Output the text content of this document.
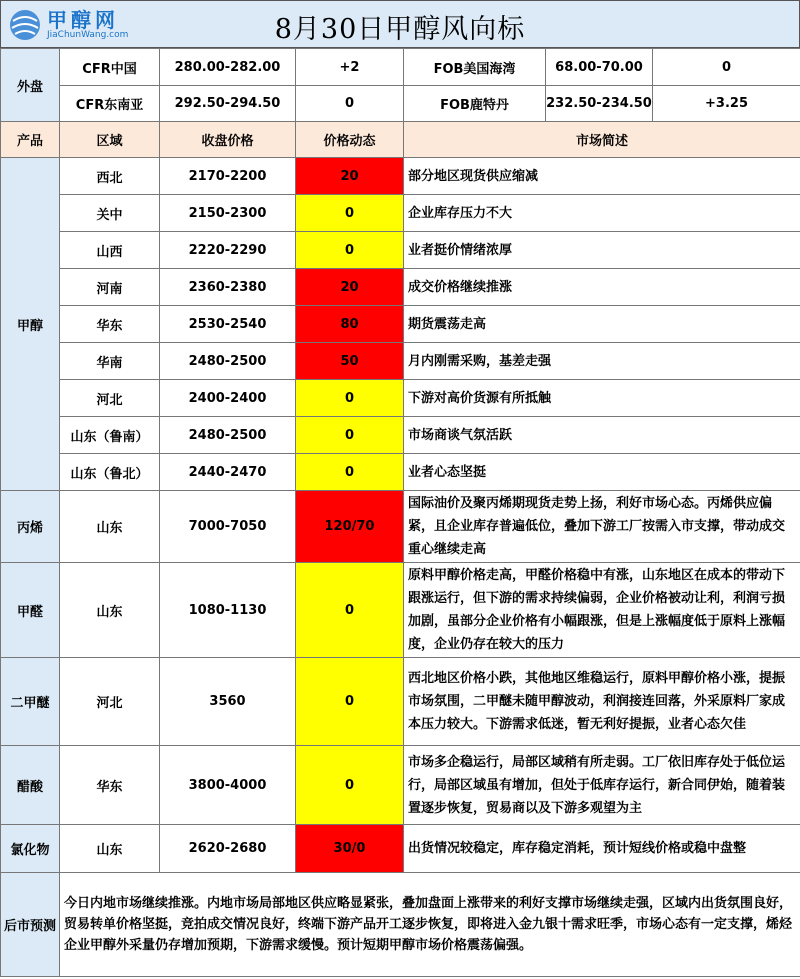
甲醇网
JiaChunWang.com	8月30日甲醇风向标
外盘	CFR中国	280.00-282.00	+2	FOB美国海湾	68.00-70.00	0
	CFR东南亚	292.50-294.50	0	FOB鹿特丹	232.50-234.50	+3.25
产品	区域	收盘价格	价格动态	市场简述		
甲醇	西北	2170-2200	20	部分地区现货供应缩减		
	关中	2150-2300	0	企业库存压力不大		
	山西	2220-2290	0	业者挺价情绪浓厚		
	河南	2360-2380	20	成交价格继续推涨		
	华东	2530-2540	80	期货震荡走高		
	华南	2480-2500	50	月内刚需采购，基差走强		
	河北	2400-2400	0	下游对高价货源有所抵触		
	山东（鲁南）	2480-2500	0	市场商谈气氛活跃		
	山东（鲁北）	2440-2470	0	业者心态坚挺		
丙烯	山东	7000-7050	120/70	国际油价及聚丙烯期现货走势上扬，利好市场心态。丙烯供应偏紧，且企业库存普遍低位，叠加下游工厂按需入市支撑，带动成交重心继续走高		
甲醛	山东	1080-1130	0	原料甲醇价格走高，甲醛价格稳中有涨，山东地区在成本的带动下跟涨运行，但下游的需求持续偏弱，企业价格被动让利，利润亏损加剧，虽部分企业价格有小幅跟涨，但是上涨幅度低于原料上涨幅度，企业仍存在较大的压力		
二甲醚	河北	3560	0	西北地区价格小跌，其他地区维稳运行，原料甲醇价格小涨，提振市场氛围，二甲醚未随甲醇波动，利润接连回落，外采原料厂家成本压力较大。下游需求低迷，暂无利好提振，业者心态欠佳		
醋酸	华东	3800-4000	0	市场多企稳运行，局部区域稍有所走弱。工厂依旧库存处于低位运行，局部区域虽有增加，但处于低库存运行，新合同伊始，随着装置逐步恢复，贸易商以及下游多观望为主		
氯化物	山东	2620-2680	30/0	出货情况较稳定，库存稳定消耗，预计短线价格或稳中盘整		
后市预测	今日内地市场继续推涨。内地市场局部地区供应略显紧张，叠加盘面上涨带来的利好支撑市场继续走强，区域内出货氛围良好，贸易转单价格坚挺，竞拍成交情况良好，终端下游产品开工逐步恢复，即将进入金九银十需求旺季，市场心态有一定支撑，烯烃企业甲醇外采量仍存增加预期，下游需求缓慢。预计短期甲醇市场价格震荡偏强。					
